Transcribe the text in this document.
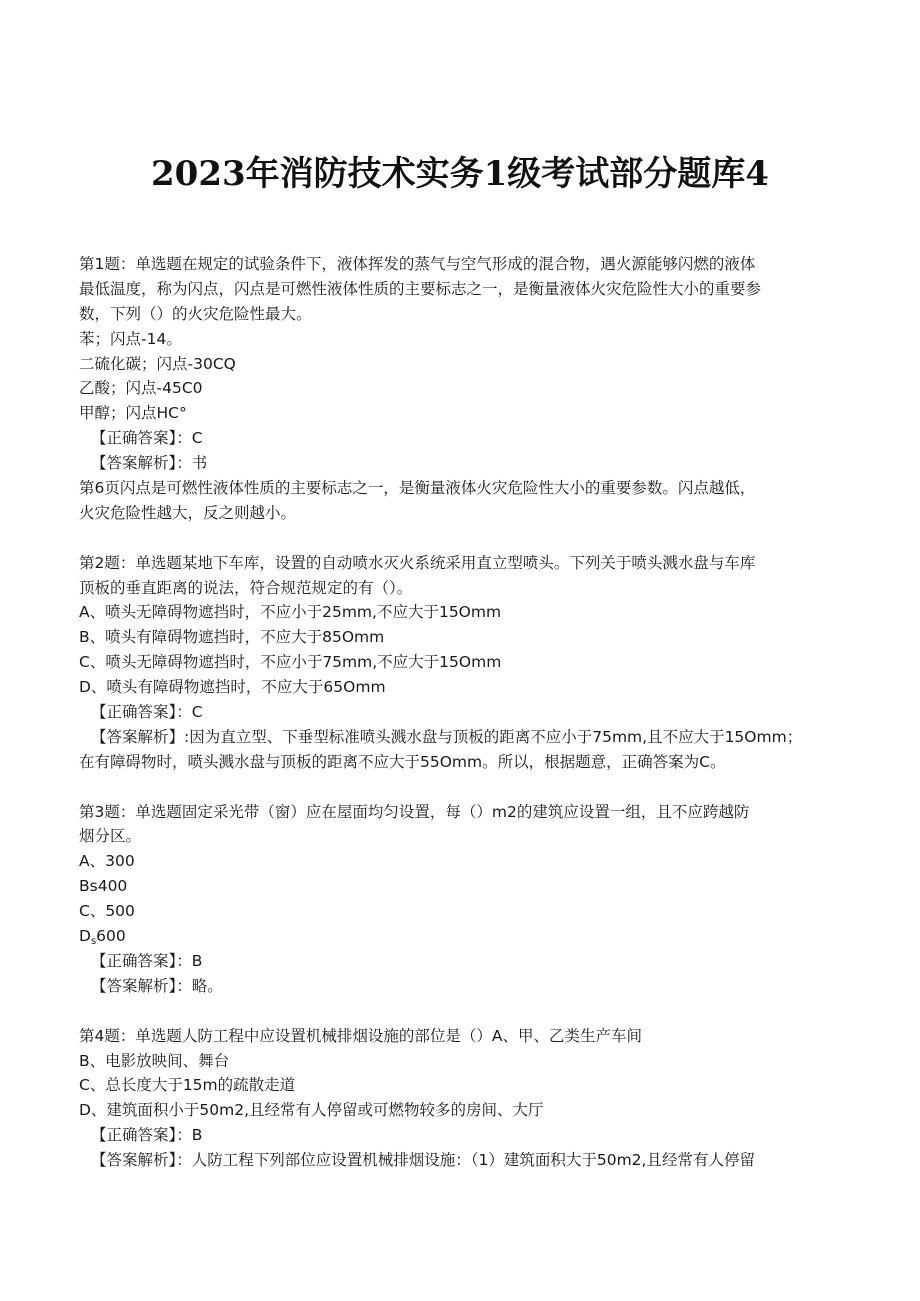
2023年消防技术实务1级考试部分题库4
第1题：单选题在规定的试验条件下，液体挥发的蒸气与空气形成的混合物，遇火源能够闪燃的液体
最低温度，称为闪点，闪点是可燃性液体性质的主要标志之一，是衡量液体火灾危险性大小的重要参
数，下列（）的火灾危险性最大。
苯；闪点-14。
二硫化碳；闪点-30CQ
乙酸；闪点-45C0
甲醇；闪点HC°
【正确答案】：C
【答案解析】：书
第6页闪点是可燃性液体性质的主要标志之一，是衡量液体火灾危险性大小的重要参数。闪点越低，
火灾危险性越大，反之则越小。
第2题：单选题某地下车库，设置的自动喷水灭火系统采用直立型喷头。下列关于喷头溅水盘与车库
顶板的垂直距离的说法，符合规范规定的有（）。
A、喷头无障碍物遮挡时，不应小于25mm,不应大于15Omm
B、喷头有障碍物遮挡时，不应大于85Omm
C、喷头无障碍物遮挡时，不应小于75mm,不应大于15Omm
D、喷头有障碍物遮挡时，不应大于65Omm
【正确答案】：C
【答案解析】:因为直立型、下垂型标准喷头溅水盘与顶板的距离不应小于75mm,且不应大于15Omm；
在有障碍物时，喷头溅水盘与顶板的距离不应大于55Omm。所以，根据题意，正确答案为C。
第3题：单选题固定采光带（窗）应在屋面均匀设置，每（）m2的建筑应设置一组，且不应跨越防
烟分区。
A、300
Bs400
C、500
$D_s600$
【正确答案】：B
【答案解析】：略。
第4题：单选题人防工程中应设置机械排烟设施的部位是（）A、甲、乙类生产车间
B、电影放映间、舞台
C、总长度大于15m的疏散走道
D、建筑面积小于50m2,且经常有人停留或可燃物较多的房间、大厅
【正确答案】：B
【答案解析】：人防工程下列部位应设置机械排烟设施：（1）建筑面积大于50m2,且经常有人停留
